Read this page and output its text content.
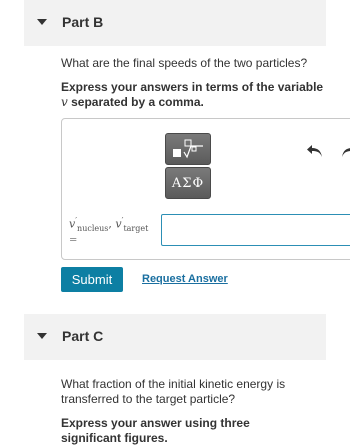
Part B
What are the final speeds of the two particles?
Express your answers in terms of the variable v separated by a comma.
ΑΣΦ
$v'_{nucleus}$, $v'_{target}$
=
Submit	Request Answer
Part C
What fraction of the initial kinetic energy is transferred to the target particle?
Express your answer using three significant figures.
